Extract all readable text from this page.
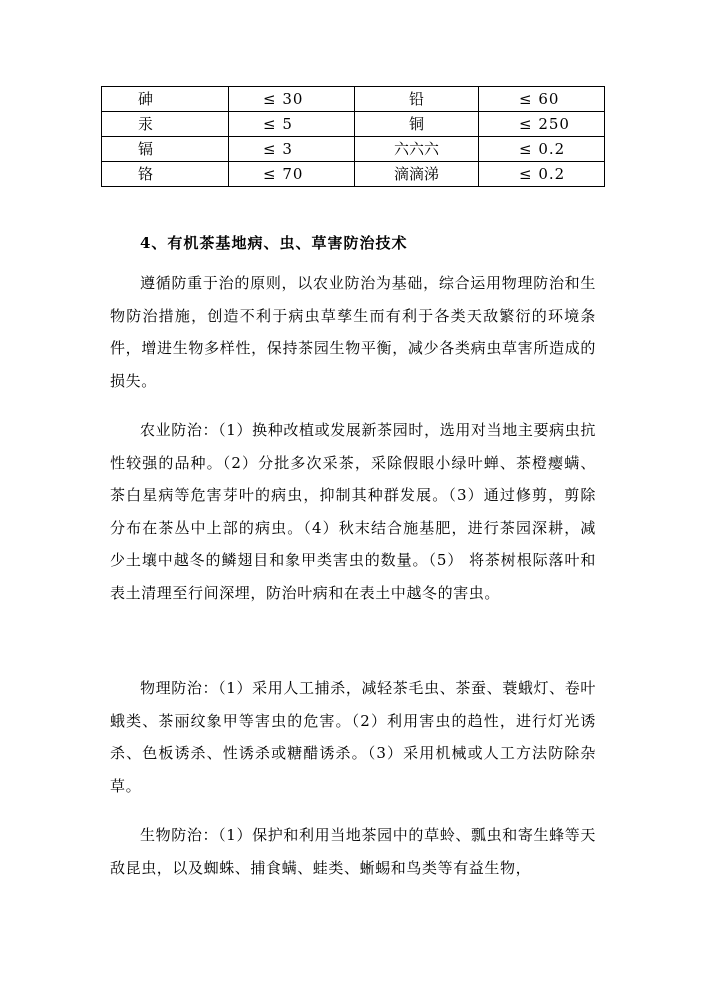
砷	≤ 30	铅	≤ 60
汞	≤ 5	铜	≤ 250
镉	≤ 3	六六六	≤ 0.2
铬	≤ 70	滴滴涕	≤ 0.2
4、有机茶基地病、虫、草害防治技术

遵循防重于治的原则，以农业防治为基础，综合运用物理防治和生物防治措施，创造不利于病虫草孳生而有利于各类天敌繁衍的环境条件，增进生物多样性，保持茶园生物平衡，减少各类病虫草害所造成的损失。

农业防治：（1）换种改植或发展新茶园时，选用对当地主要病虫抗性较强的品种。（2）分批多次采茶，采除假眼小绿叶蝉、茶橙瘿螨、茶白星病等危害芽叶的病虫，抑制其种群发展。（3）通过修剪，剪除分布在茶丛中上部的病虫。（4）秋末结合施基肥，进行茶园深耕，减少土壤中越冬的鳞翅目和象甲类害虫的数量。（5） 将茶树根际落叶和表土清理至行间深埋，防治叶病和在表土中越冬的害虫。

物理防治：（1）采用人工捕杀，减轻茶毛虫、茶蚕、蓑蛾灯、卷叶蛾类、茶丽纹象甲等害虫的危害。（2）利用害虫的趋性，进行灯光诱杀、色板诱杀、性诱杀或糖醋诱杀。（3）采用机械或人工方法防除杂草。

生物防治：（1）保护和利用当地茶园中的草蛉、瓢虫和寄生蜂等天敌昆虫，以及蜘蛛、捕食螨、蛙类、蜥蜴和鸟类等有益生物，
